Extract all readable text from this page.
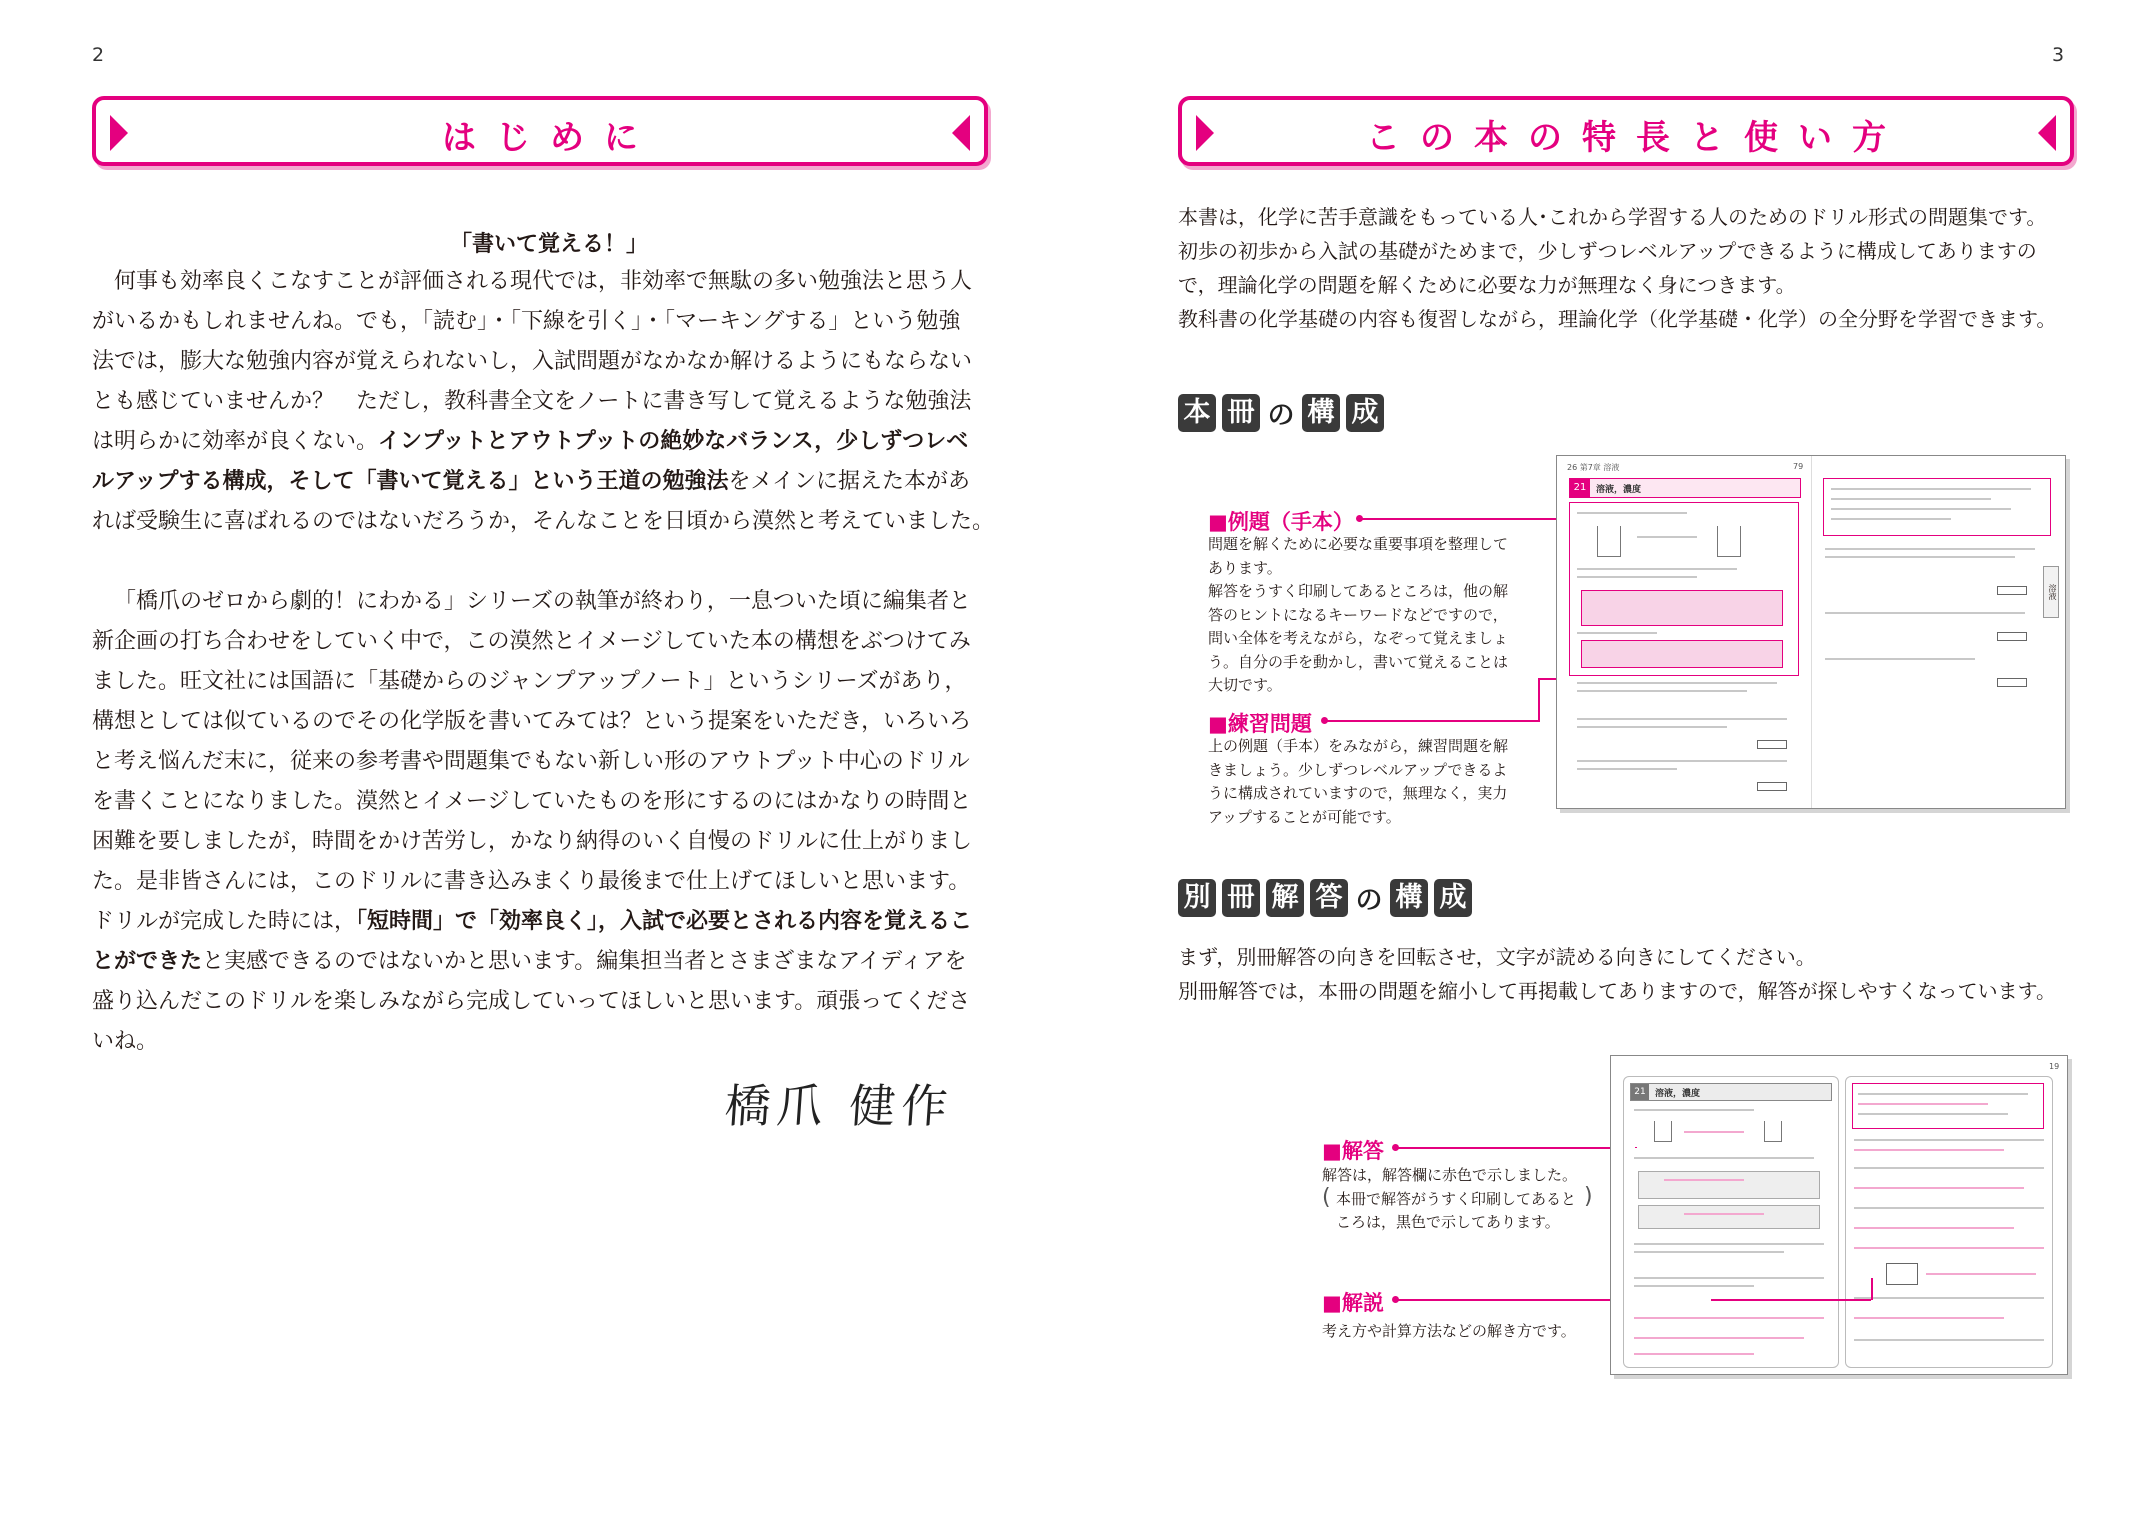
2
はじめに
「書いて覚える！」
何事も効率良くこなすことが評価される現代では，非効率で無駄の多い勉強法と思う人
がいるかもしれませんね。でも，「読む」・「下線を引く」・「マーキングする」という勉強
法では，膨大な勉強内容が覚えられないし，入試問題がなかなか解けるようにもならない
とも感じていませんか？　ただし，教科書全文をノートに書き写して覚えるような勉強法
は明らかに効率が良くない。インプットとアウトプットの絶妙なバランス，少しずつレベ
ルアップする構成，そして「書いて覚える」という王道の勉強法をメインに据えた本があ
れば受験生に喜ばれるのではないだろうか，そんなことを日頃から漠然と考えていました。
「橋爪のゼロから劇的！にわかる」シリーズの執筆が終わり，一息ついた頃に編集者と
新企画の打ち合わせをしていく中で，この漠然とイメージしていた本の構想をぶつけてみ
ました。旺文社には国語に「基礎からのジャンプアップノート」というシリーズがあり，
構想としては似ているのでその化学版を書いてみては？という提案をいただき，いろいろ
と考え悩んだ末に，従来の参考書や問題集でもない新しい形のアウトプット中心のドリル
を書くことになりました。漠然とイメージしていたものを形にするのにはかなりの時間と
困難を要しましたが，時間をかけ苦労し，かなり納得のいく自慢のドリルに仕上がりまし
た。是非皆さんには，このドリルに書き込みまくり最後まで仕上げてほしいと思います。
ドリルが完成した時には，「短時間」で「効率良く」，入試で必要とされる内容を覚えるこ
とができたと実感できるのではないかと思います。編集担当者とさまざまなアイディアを
盛り込んだこのドリルを楽しみながら完成していってほしいと思います。頑張ってくださ
いね。
橋爪 健作
3
この本の特長と使い方
本書は，化学に苦手意識をもっている人･これから学習する人のためのドリル形式の問題集です。
初歩の初歩から入試の基礎がためまで，少しずつレベルアップできるように構成してありますの
で，理論化学の問題を解くために必要な力が無理なく身につきます。
教科書の化学基礎の内容も復習しながら，理論化学（化学基礎・化学）の全分野を学習できます。
本 冊 の 構 成
■例題（手本）
問題を解くために必要な重要事項を整理して
あります。
解答をうすく印刷してあるところは，他の解
答のヒントになるキーワードなどですので，
問い全体を考えながら，なぞって覚えましょ
う。自分の手を動かし，書いて覚えることは
大切です。
■練習問題
上の例題（手本）をみながら，練習問題を解
きましょう。少しずつレベルアップできるよ
うに構成されていますので，無理なく，実力
アップすることが可能です。
26 第7章 溶液	79
21	溶液，濃度
溶液
別 冊 解 答 の 構 成
まず，別冊解答の向きを回転させ，文字が読める向きにしてください。
別冊解答では，本冊の問題を縮小して再掲載してありますので，解答が探しやすくなっています。
■解答
解答は，解答欄に赤色で示しました。
( 本冊で解答がうすく印刷してあると
ころは，黒色で示してあります。
)
■解説
考え方や計算方法などの解き方です。
19
21	溶液，濃度
